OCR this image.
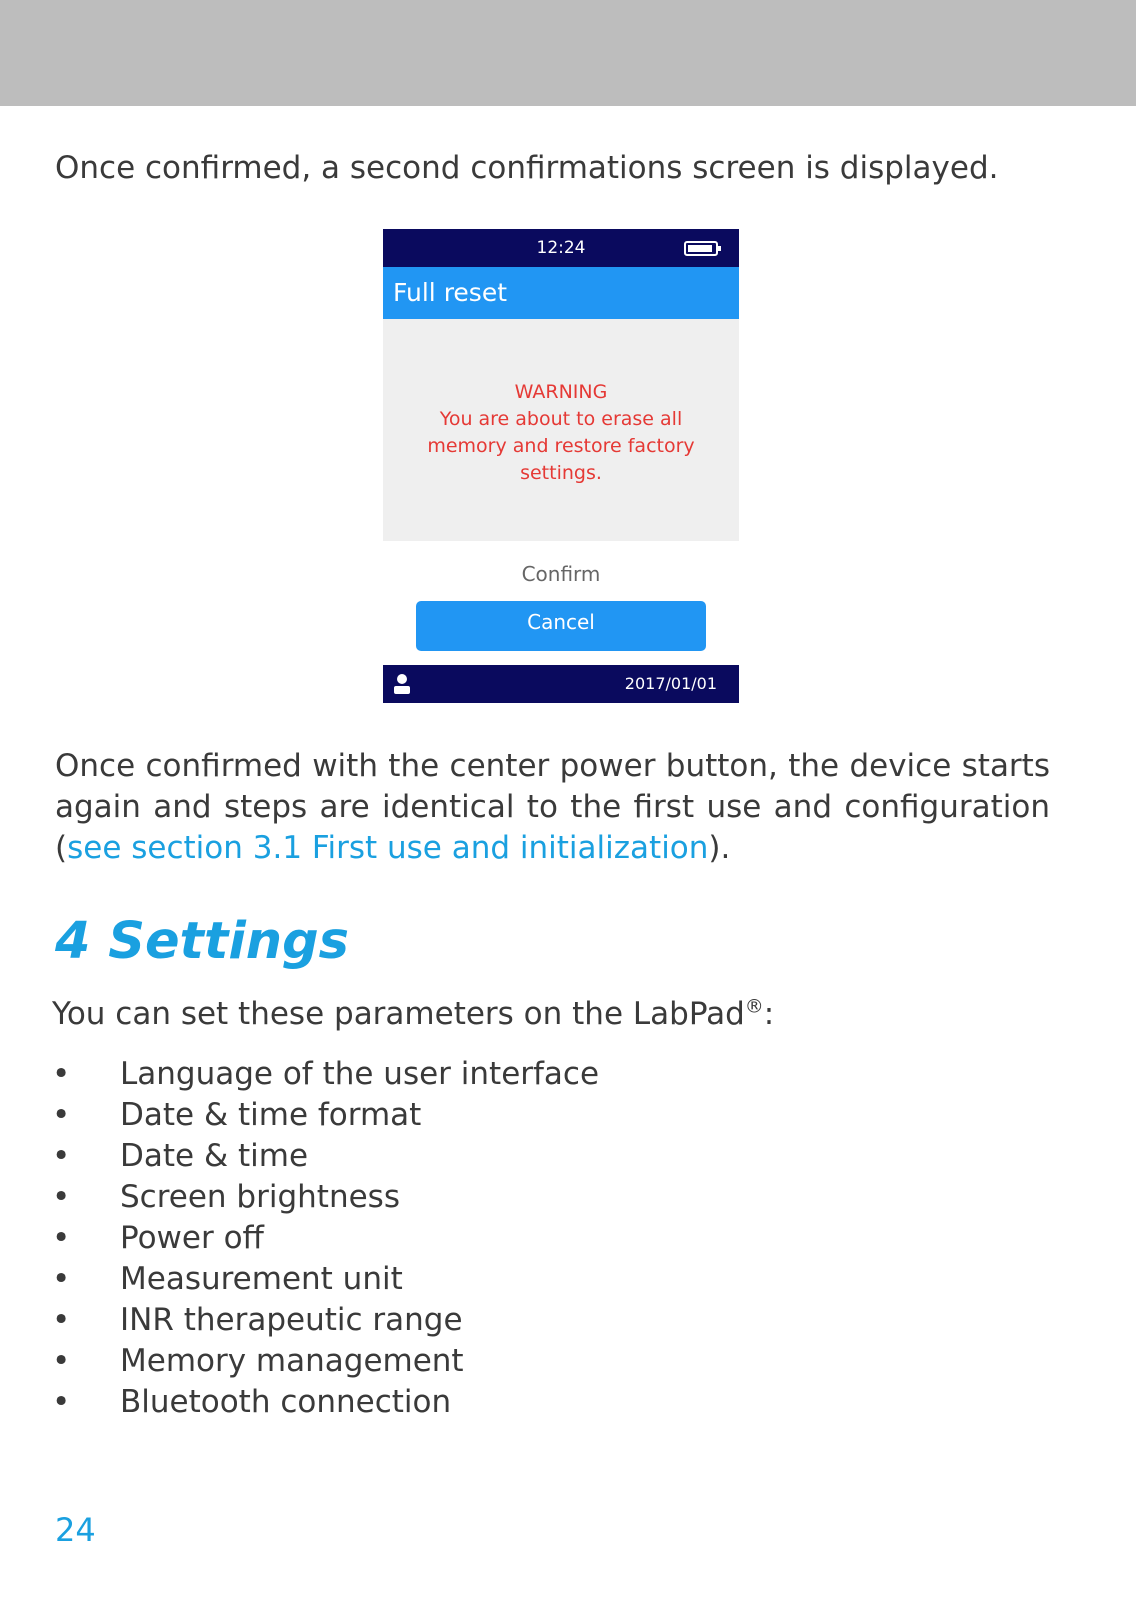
Once confirmed, a second confirmations screen is displayed.

12:24
Full reset
WARNING
You are about to erase all
memory and restore factory
settings.
Confirm
Cancel
2017/01/01

Once confirmed with the center power button, the device starts again and steps are identical to the first use and configuration (see section 3.1 First use and initialization).

4 Settings

You can set these parameters on the LabPad®:

• Language of the user interface
• Date & time format
• Date & time
• Screen brightness
• Power off
• Measurement unit
• INR therapeutic range
• Memory management
• Bluetooth connection
24
